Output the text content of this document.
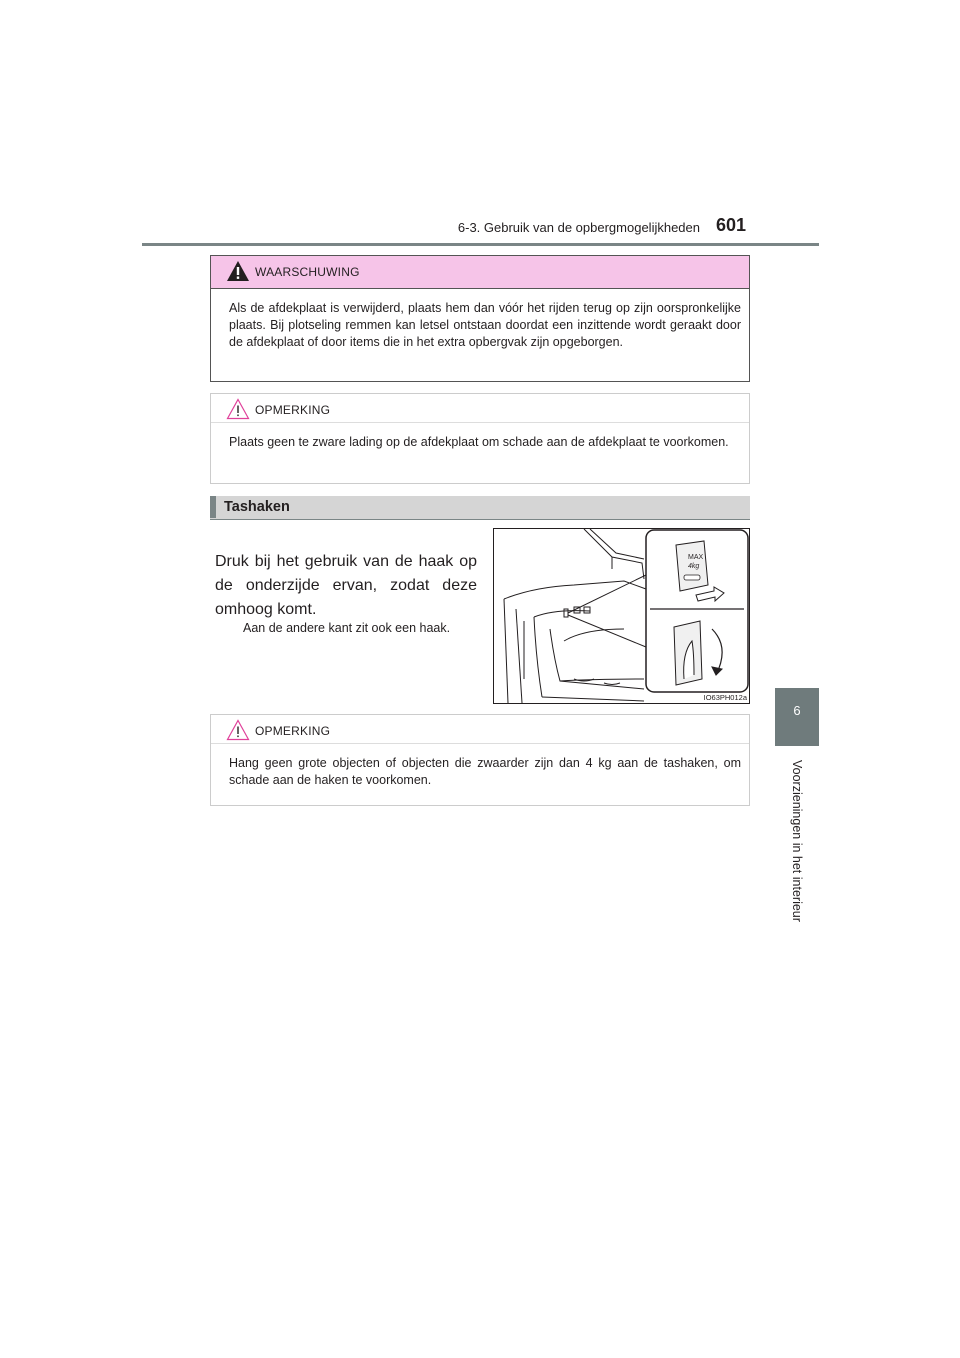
6-3. Gebruik van de opbergmogelijkheden 601
6
Voorzieningen in het interieur
WAARSCHUWING
Als de afdekplaat is verwijderd, plaats hem dan vóór het rijden terug op zijn oorspronkelijke plaats. Bij plotseling remmen kan letsel ontstaan doordat een inzittende wordt geraakt door de afdekplaat of door items die in het extra opbergvak zijn opgeborgen.
OPMERKING
Plaats geen te zware lading op de afdekplaat om schade aan de afdekplaat te voorkomen.
Tashaken
Druk bij het gebruik van de haak op de onderzijde ervan, zodat deze omhoog komt.
Aan de andere kant zit ook een haak.
MAX
4kg
IO63PH012a
OPMERKING
Hang geen grote objecten of objecten die zwaarder zijn dan 4 kg aan de tashaken, om schade aan de haken te voorkomen.
